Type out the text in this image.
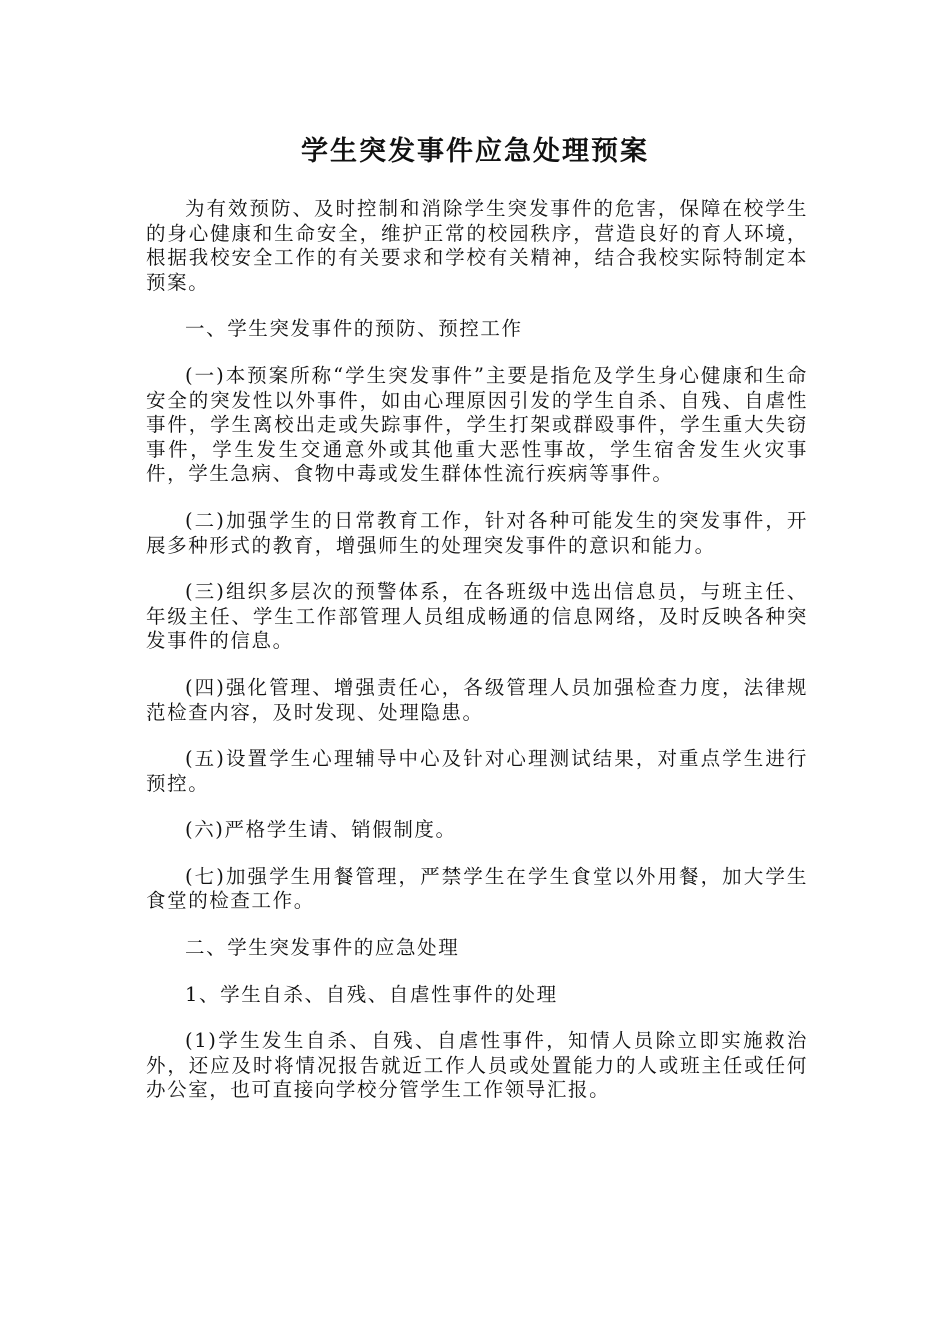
学生突发事件应急处理预案

为有效预防、及时控制和消除学生突发事件的危害，保障在校学生的身心健康和生命安全，维护正常的校园秩序，营造良好的育人环境，根据我校安全工作的有关要求和学校有关精神，结合我校实际特制定本预案。

一、学生突发事件的预防、预控工作

(一)本预案所称“学生突发事件”主要是指危及学生身心健康和生命安全的突发性以外事件，如由心理原因引发的学生自杀、自残、自虐性事件，学生离校出走或失踪事件，学生打架或群殴事件，学生重大失窃事件，学生发生交通意外或其他重大恶性事故，学生宿舍发生火灾事件，学生急病、食物中毒或发生群体性流行疾病等事件。

(二)加强学生的日常教育工作，针对各种可能发生的突发事件，开展多种形式的教育，增强师生的处理突发事件的意识和能力。

(三)组织多层次的预警体系，在各班级中选出信息员，与班主任、年级主任、学生工作部管理人员组成畅通的信息网络，及时反映各种突发事件的信息。

(四)强化管理、增强责任心，各级管理人员加强检查力度，法律规范检查内容，及时发现、处理隐患。

(五)设置学生心理辅导中心及针对心理测试结果，对重点学生进行预控。

(六)严格学生请、销假制度。

(七)加强学生用餐管理，严禁学生在学生食堂以外用餐，加大学生食堂的检查工作。

二、学生突发事件的应急处理

1、学生自杀、自残、自虐性事件的处理

(1)学生发生自杀、自残、自虐性事件，知情人员除立即实施救治外，还应及时将情况报告就近工作人员或处置能力的人或班主任或任何办公室，也可直接向学校分管学生工作领导汇报。
